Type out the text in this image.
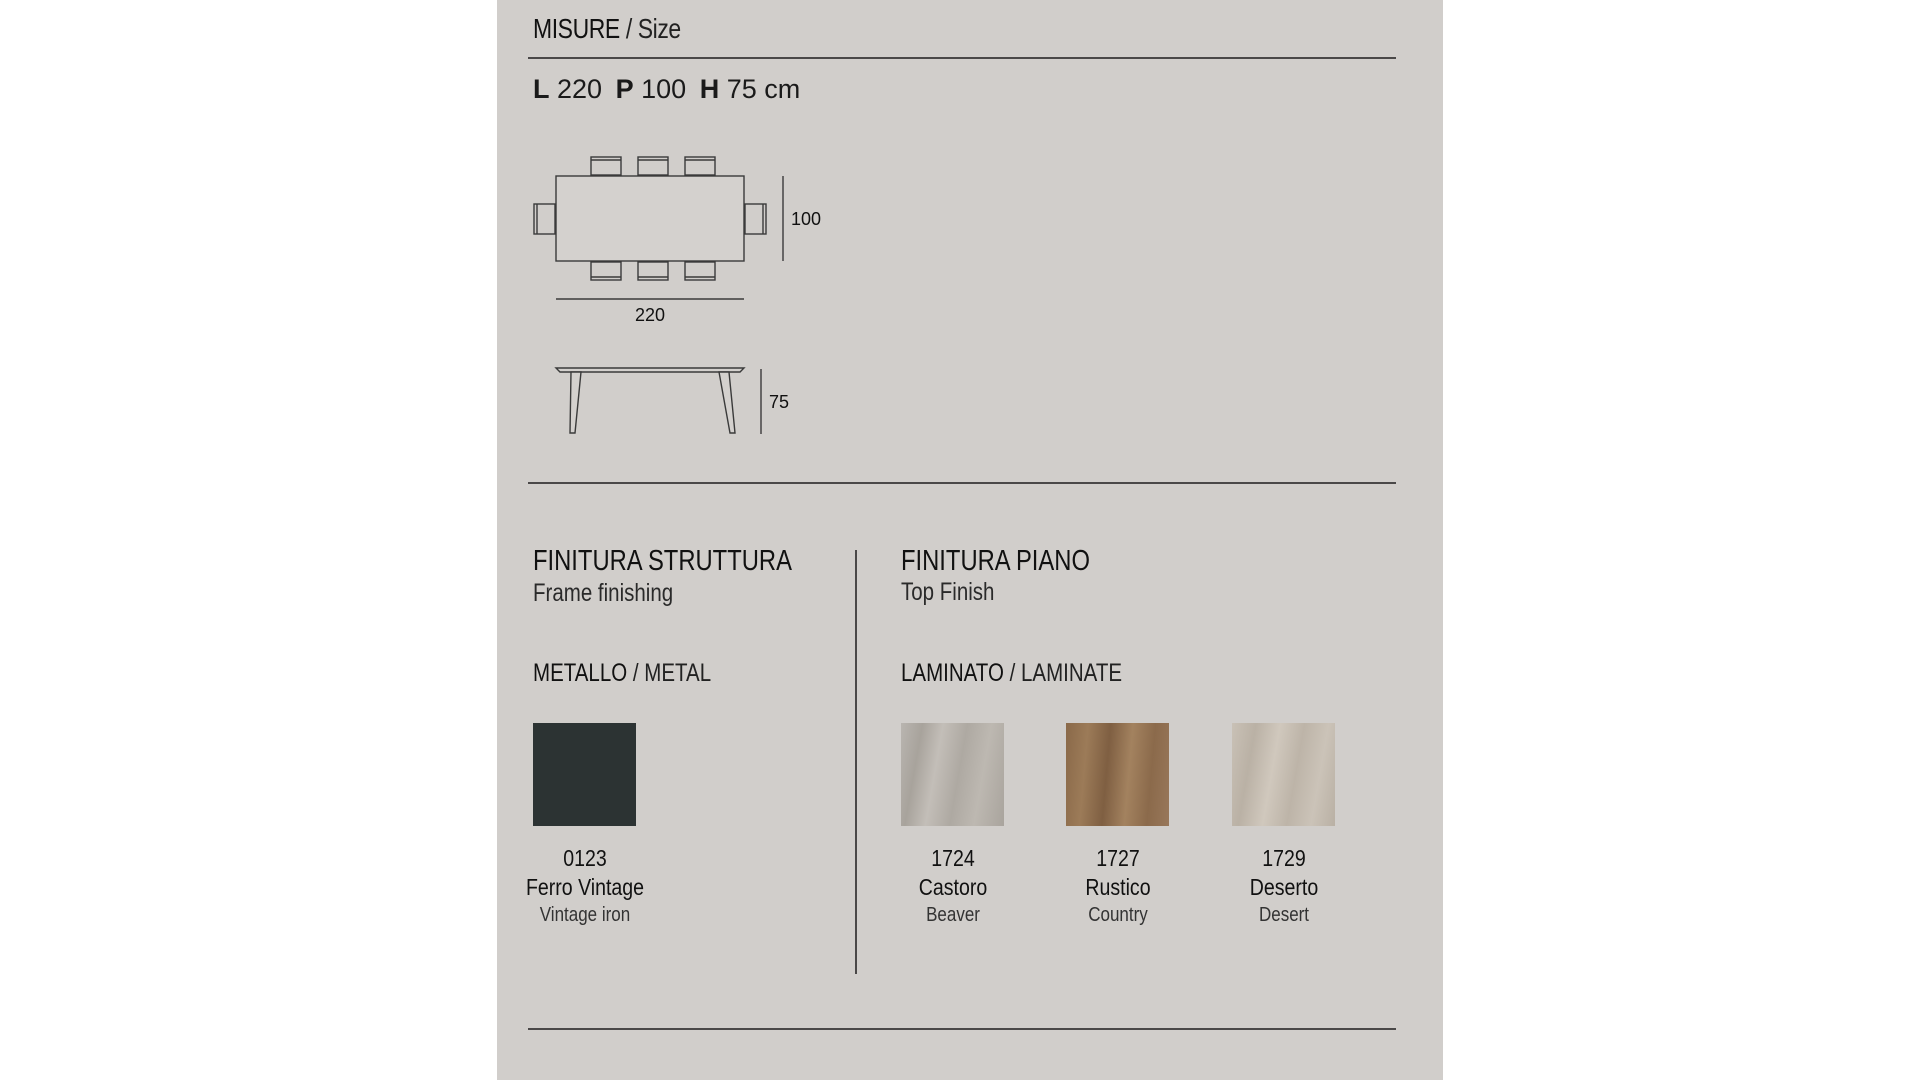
MISURE / Size
L 220 P 100 H 75 cm
220
100
75
FINITURA STRUTTURA
Frame finishing
METALLO / METAL
0123
Ferro Vintage
Vintage iron
FINITURA PIANO
Top Finish
LAMINATO / LAMINATE
1724
Castoro
Beaver
1727
Rustico
Country
1729
Deserto
Desert
